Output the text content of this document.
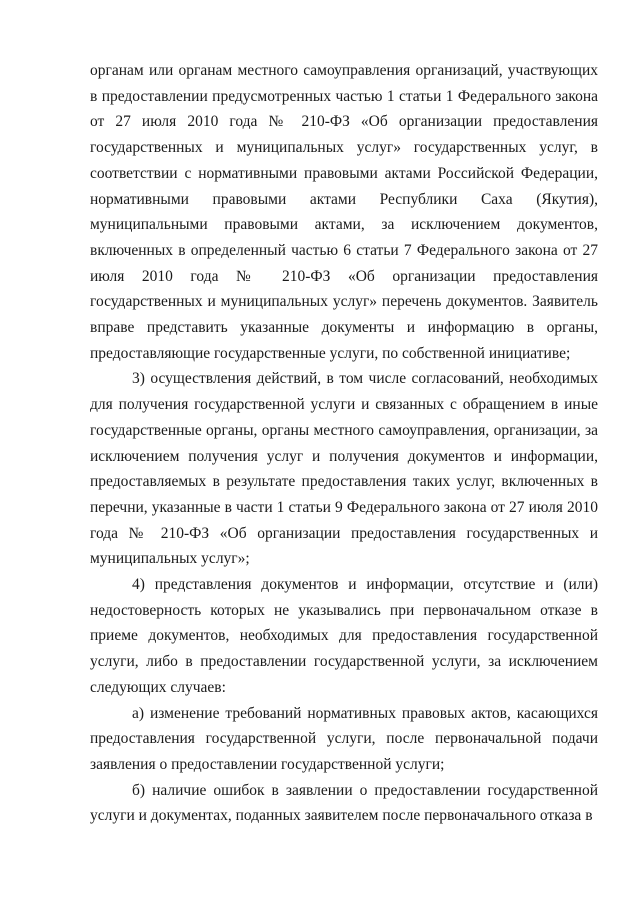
органам или органам местного самоуправления организаций, участвующих в предоставлении предусмотренных частью 1 статьи 1 Федерального закона от 27 июля 2010 года № 210-ФЗ «Об организации предоставления государственных и муниципальных услуг» государственных услуг, в соответствии с нормативными правовыми актами Российской Федерации, нормативными правовыми актами Республики Саха (Якутия), муниципальными правовыми актами, за исключением документов, включенных в определенный частью 6 статьи 7 Федерального закона от 27 июля 2010 года № 210-ФЗ «Об организации предоставления государственных и муниципальных услуг» перечень документов. Заявитель вправе представить указанные документы и информацию в органы, предоставляющие государственные услуги, по собственной инициативе;

3) осуществления действий, в том числе согласований, необходимых для получения государственной услуги и связанных с обращением в иные государственные органы, органы местного самоуправления, организации, за исключением получения услуг и получения документов и информации, предоставляемых в результате предоставления таких услуг, включенных в перечни, указанные в части 1 статьи 9 Федерального закона от 27 июля 2010 года № 210-ФЗ «Об организации предоставления государственных и муниципальных услуг»;

4) представления документов и информации, отсутствие и (или) недостоверность которых не указывались при первоначальном отказе в приеме документов, необходимых для предоставления государственной услуги, либо в предоставлении государственной услуги, за исключением следующих случаев:

а) изменение требований нормативных правовых актов, касающихся предоставления государственной услуги, после первоначальной подачи заявления о предоставлении государственной услуги;

б) наличие ошибок в заявлении о предоставлении государственной услуги и документах, поданных заявителем после первоначального отказа в
